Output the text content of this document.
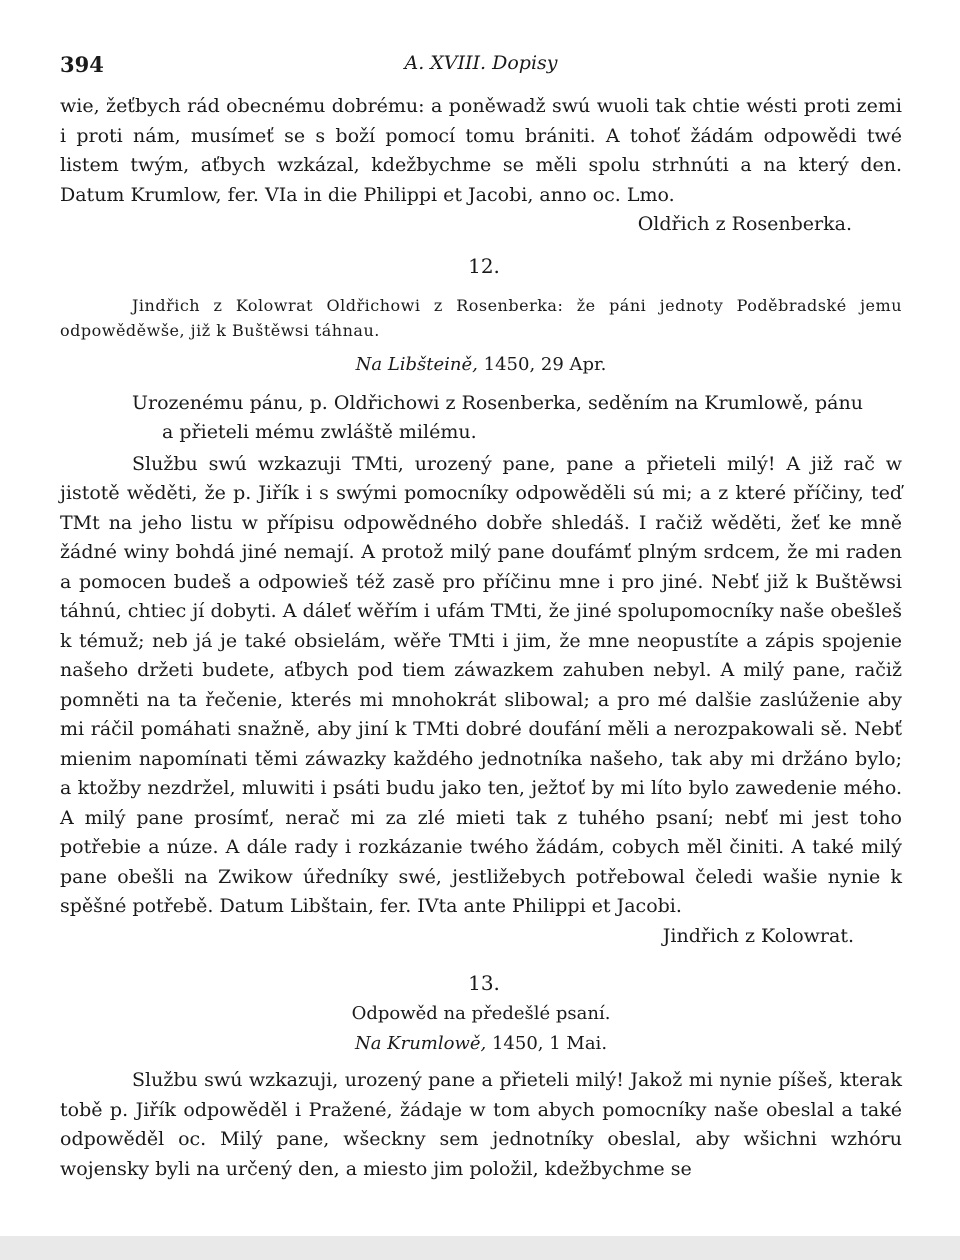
394	A. XVIII. Dopisy

wie, žeťbych rád obecnému dobrému: a poněwadž swú wuoli tak chtie wésti proti zemi i proti nám, musímeť se s boží pomocí tomu brániti. A tohoť žádám odpowědi twé listem twým, aťbych wzkázal, kdežbychme se měli spolu strhnúti a na který den. Datum Krumlow, fer. VIa in die Philippi et Jacobi, anno oc. Lmo.

Oldřich z Rosenberka.
12.

Jindřich z Kolowrat Oldřichowi z Rosenberka: že páni jednoty Poděbradské jemu odpowěděwše, již k Buštěwsi táhnau.

Na Libšteině, 1450, 29 Apr.
Urozenému pánu, p. Oldřichowi z Rosenberka, seděním na Krumlowě, pánu
a přieteli mému zwláště milému.

Službu swú wzkazuji TMti, urozený pane, pane a přieteli milý! A již rač w jistotě wěděti, že p. Jiřík i s swými pomocníky odpowěděli sú mi; a z které příčiny, teď TMt na jeho listu w přípisu odpowědného dobře shledáš. I račiž wěděti, žeť ke mně žádné winy bohdá jiné nemají. A protož milý pane doufámť plným srdcem, že mi raden a pomocen budeš a odpowieš též zasě pro příčinu mne i pro jiné. Nebť již k Buštěwsi táhnú, chtiec jí dobyti. A dáleť wěřím i ufám TMti, že jiné spolupomocníky naše obešleš k témuž; neb já je také obsielám, wěře TMti i jim, že mne neopustíte a zápis spojenie našeho držeti budete, aťbych pod tiem záwazkem zahuben nebyl. A milý pane, račiž pomněti na ta řečenie, kterés mi mnohokrát slibowal; a pro mé dalšie zaslúženie aby mi ráčil pomáhati snažně, aby jiní k TMti dobré doufání měli a nerozpakowali sě. Nebť mienim napomínati těmi záwazky každého jednotníka našeho, tak aby mi držáno bylo; a ktožby nezdržel, mluwiti i psáti budu jako ten, ježtoť by mi líto bylo zawedenie mého. A milý pane prosímť, nerač mi za zlé mieti tak z tuhého psaní; nebť mi jest toho potřebie a núze. A dále rady i rozkázanie twého žádám, cobych měl činiti. A také milý pane obešli na Zwikow úředníky swé, jestližebych potřebowal čeledi wašie nynie k spěšné potřebě. Datum Libštain, fer. IVta ante Philippi et Jacobi.

Jindřich z Kolowrat.
13.
Odpowěd na předešlé psaní.
Na Krumlowě, 1450, 1 Mai.

Službu swú wzkazuji, urozený pane a přieteli milý! Jakož mi nynie píšeš, kterak tobě p. Jiřík odpowěděl i Pražené, žádaje w tom abych pomocníky naše obeslal a také odpowěděl oc. Milý pane, wšeckny sem jednotníky obeslal, aby wšichni wzhóru wojensky byli na určený den, a miesto jim položil, kdežbychme se
